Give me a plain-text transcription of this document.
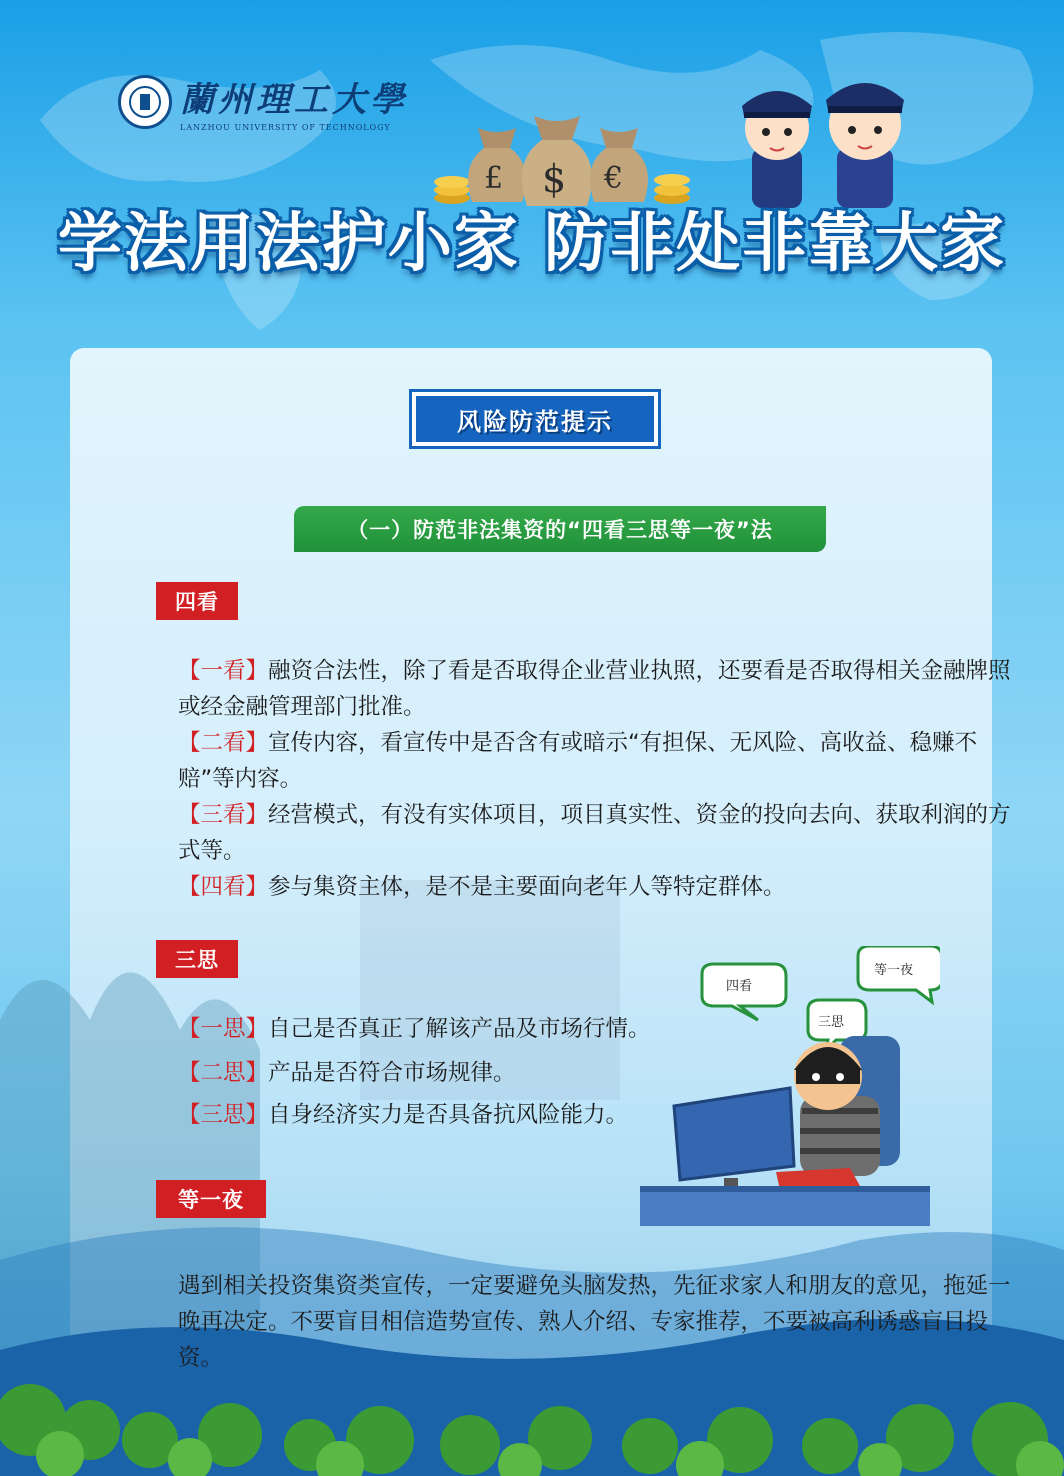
蘭州理工大學
LANZHOU UNIVERSITY OF TECHNOLOGY
£ $ €
学法用法护小家 防非处非靠大家
风险防范提示
（一）防范非法集资的“四看三思等一夜”法
四看
【一看】融资合法性，除了看是否取得企业营业执照，还要看是否取得相关金融牌照或经金融管理部门批准。
【二看】宣传内容，看宣传中是否含有或暗示“有担保、无风险、高收益、稳赚不赔”等内容。
【三看】经营模式，有没有实体项目，项目真实性、资金的投向去向、获取利润的方式等。
【四看】参与集资主体，是不是主要面向老年人等特定群体。
三思
【一思】自己是否真正了解该产品及市场行情。
【二思】产品是否符合市场规律。
【三思】自身经济实力是否具备抗风险能力。
四看
等一夜
三思
等一夜
遇到相关投资集资类宣传，一定要避免头脑发热，先征求家人和朋友的意见，拖延一晚再决定。不要盲目相信造势宣传、熟人介绍、专家推荐，不要被高利诱惑盲目投资。
